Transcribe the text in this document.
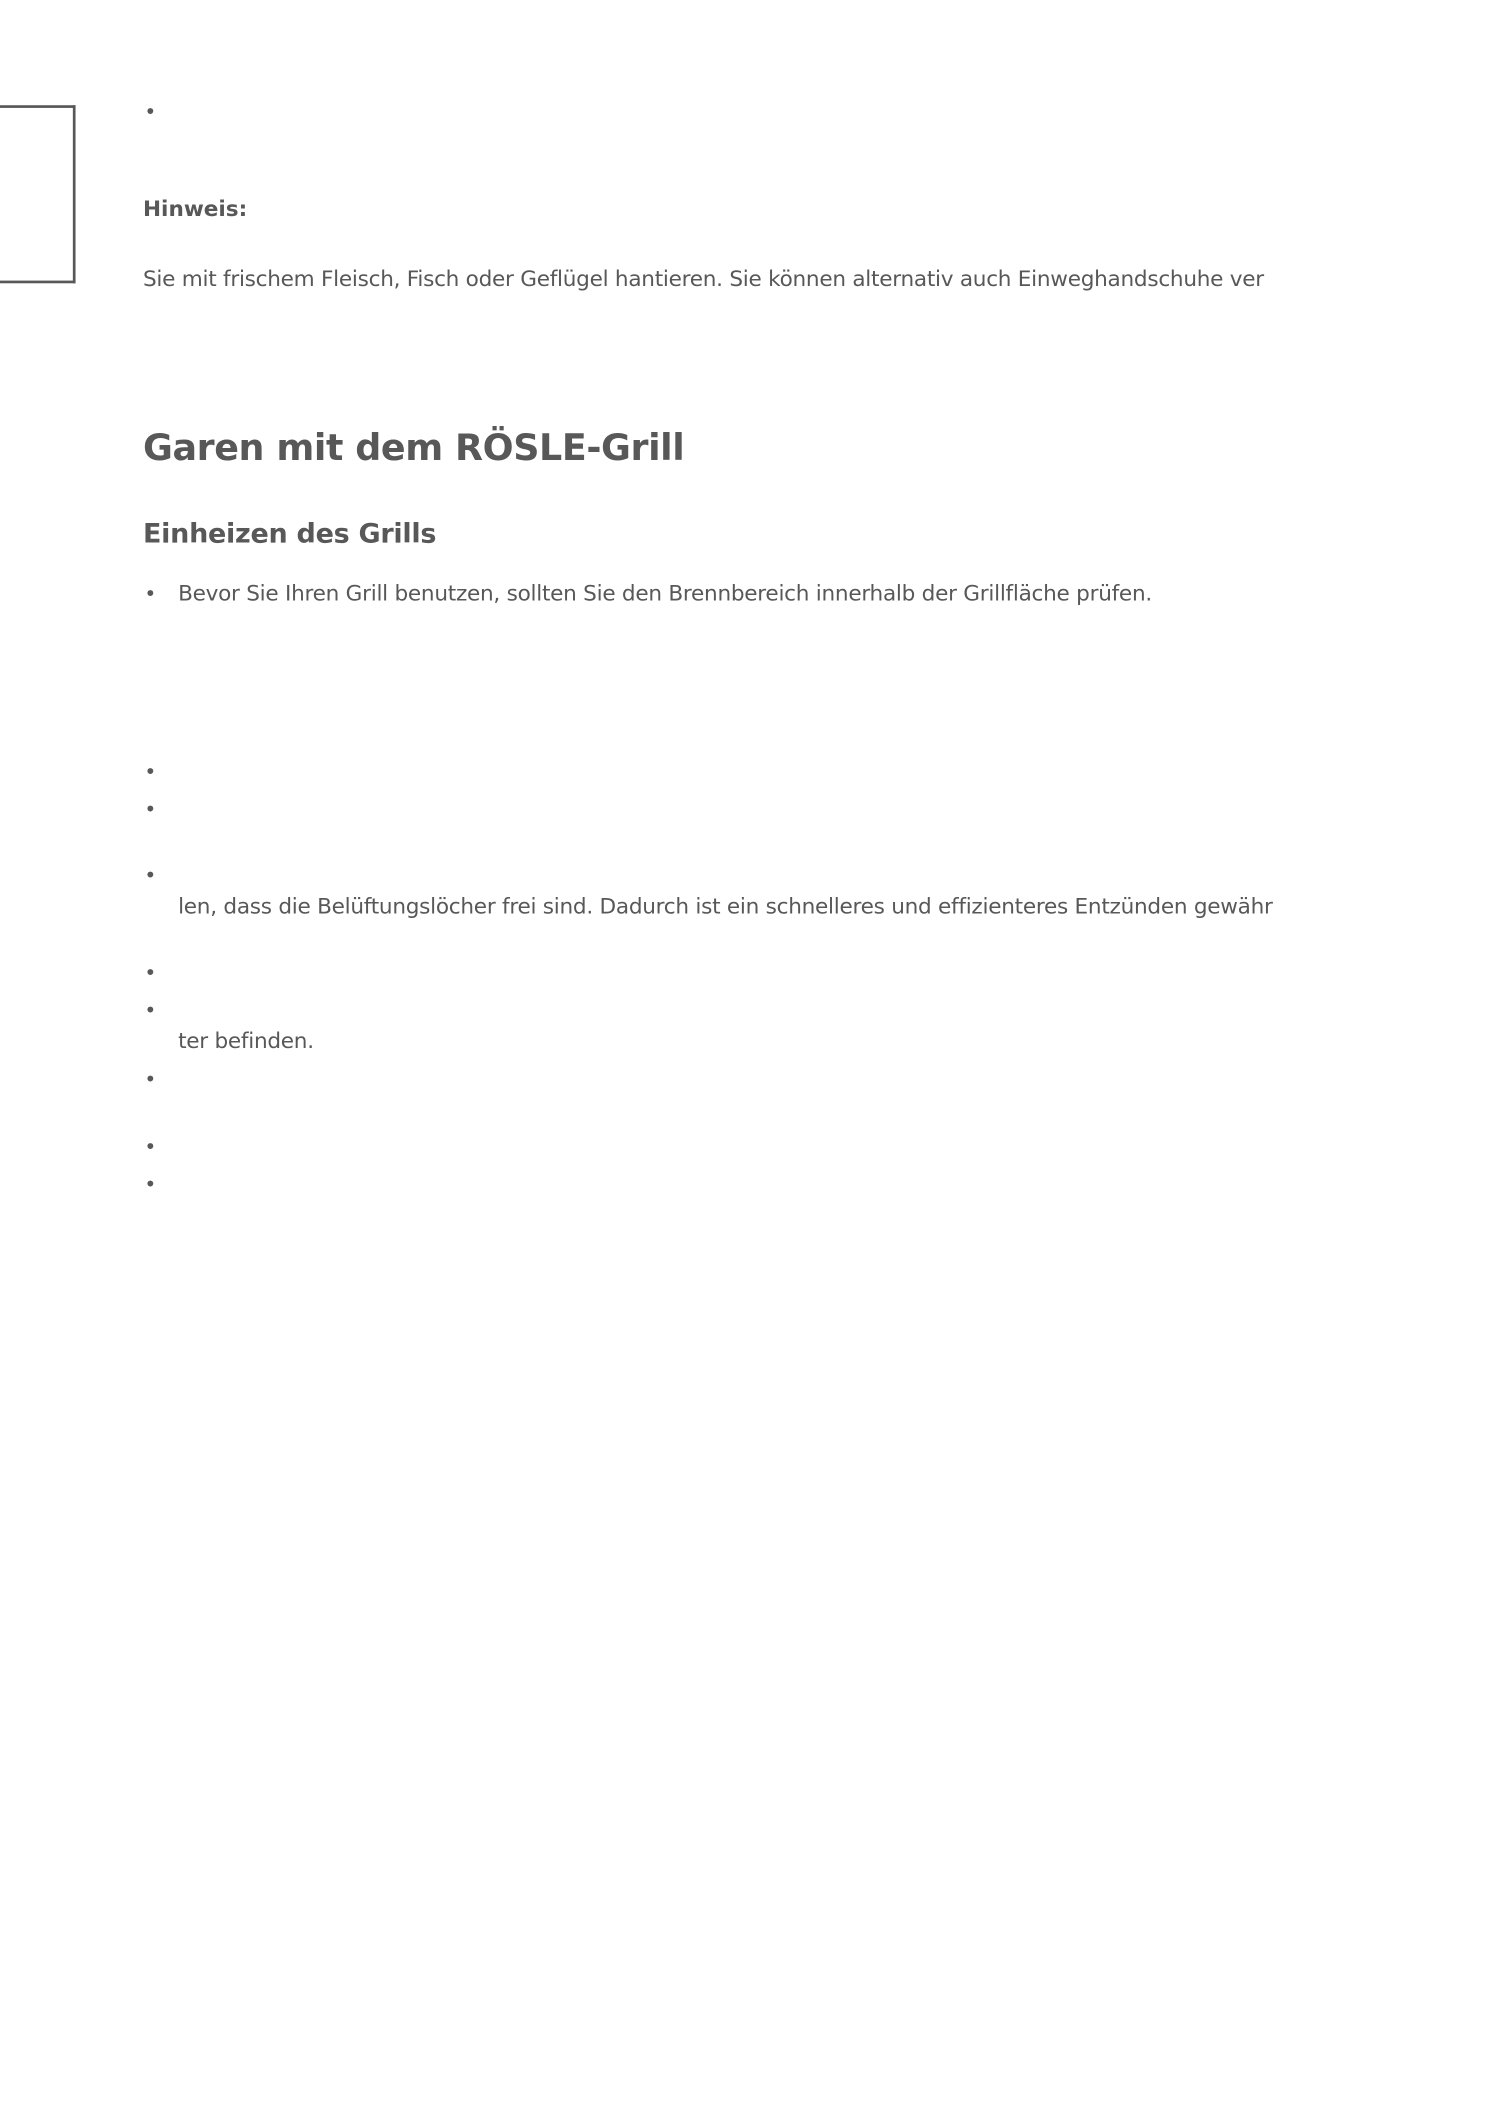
•
Hinweis:
Sie mit frischem Fleisch, Fisch oder Geflügel hantieren. Sie können alternativ auch Einweghandschuhe ver
Garen mit dem RÖSLE-Grill
Einheizen des Grills
• Bevor Sie Ihren Grill benutzen, sollten Sie den Brennbereich innerhalb der Grillfläche prüfen.
•
•
•
len, dass die Belüftungslöcher frei sind. Dadurch ist ein schnelleres und effizienteres Entzünden gewähr
•
•
ter befinden.
•
•
•
